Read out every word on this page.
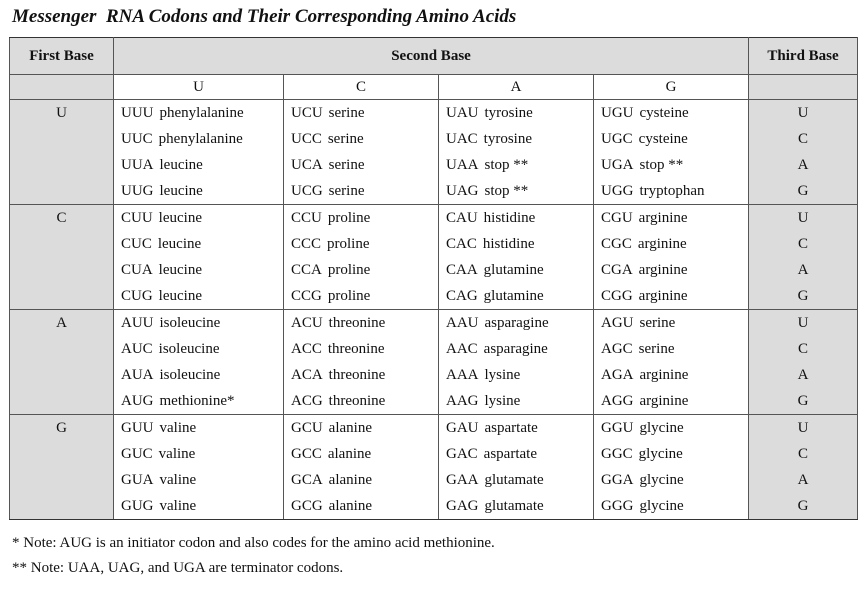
Messenger  RNA Codons and Their Corresponding Amino Acids
First Base	Second Base				Third Base
	U	C	A	G	
U	UUU phenylalanine	UCU serine	UAU tyrosine	UGU cysteine	U
	UUC phenylalanine	UCC serine	UAC tyrosine	UGC cysteine	C
	UUA leucine	UCA serine	UAA stop **	UGA stop **	A
	UUG leucine	UCG serine	UAG stop **	UGG tryptophan	G
C	CUU leucine	CCU proline	CAU histidine	CGU arginine	U
	CUC leucine	CCC proline	CAC histidine	CGC arginine	C
	CUA leucine	CCA proline	CAA glutamine	CGA arginine	A
	CUG leucine	CCG proline	CAG glutamine	CGG arginine	G
A	AUU isoleucine	ACU threonine	AAU asparagine	AGU serine	U
	AUC isoleucine	ACC threonine	AAC asparagine	AGC serine	C
	AUA isoleucine	ACA threonine	AAA lysine	AGA arginine	A
	AUG methionine*	ACG threonine	AAG lysine	AGG arginine	G
G	GUU valine	GCU alanine	GAU aspartate	GGU glycine	U
	GUC valine	GCC alanine	GAC aspartate	GGC glycine	C
	GUA valine	GCA alanine	GAA glutamate	GGA glycine	A
	GUG valine	GCG alanine	GAG glutamate	GGG glycine	G
* Note: AUG is an initiator codon and also codes for the amino acid methionine.
** Note: UAA, UAG, and UGA are terminator codons.
